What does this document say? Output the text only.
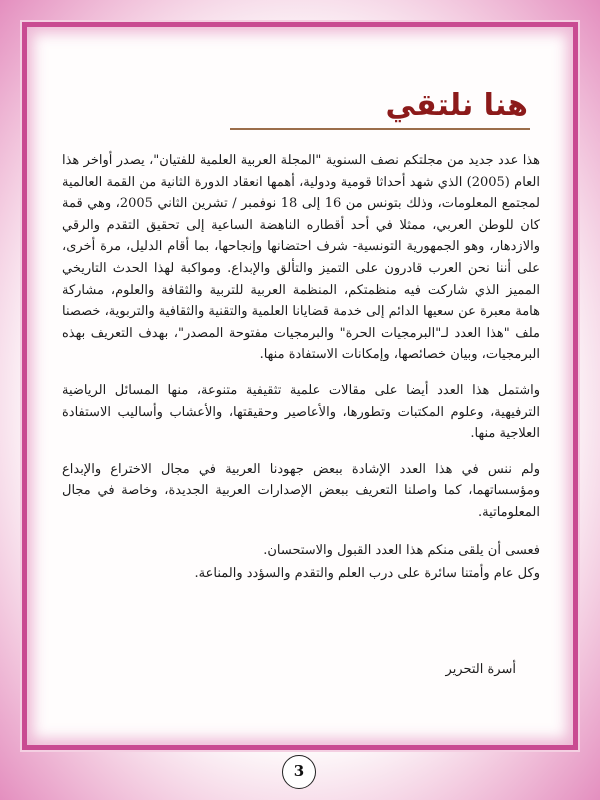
هنا نلتقي

هذا عدد جديد من مجلتكم نصف السنوية "المجلة العربية العلمية للفتيان"، يصدر أواخر هذا العام (2005) الذي شهد أحداثا قومية ودولية، أهمها انعقاد الدورة الثانية من القمة العالمية لمجتمع المعلومات، وذلك بتونس من 16 إلى 18 نوفمبر / تشرين الثاني 2005، وهي قمة كان للوطن العربي، ممثلا في أحد أقطاره الناهضة الساعية إلى تحقيق التقدم والرقي والازدهار، وهو الجمهورية التونسية- شرف احتضانها وإنجاحها، بما أقام الدليل، مرة أخرى، على أننا نحن العرب قادرون على التميز والتألق والإبداع. ومواكبة لهذا الحدث التاريخي المميز الذي شاركت فيه منظمتكم، المنظمة العربية للتربية والثقافة والعلوم، مشاركة هامة معبرة عن سعيها الدائم إلى خدمة قضايانا العلمية والتقنية والثقافية والتربوية، خصصنا ملف "هذا العدد لـ"البرمجيات الحرة" والبرمجيات مفتوحة المصدر"، بهدف التعريف بهذه البرمجيات، وبيان خصائصها، وإمكانات الاستفادة منها.

واشتمل هذا العدد أيضا على مقالات علمية تثقيفية متنوعة، منها المسائل الرياضية الترفيهية، وعلوم المكتبات وتطورها، والأعاصير وحقيقتها، والأعشاب وأساليب الاستفادة العلاجية منها.

ولم ننس في هذا العدد الإشادة ببعض جهودنا العربية في مجال الاختراع والإبداع ومؤسساتهما، كما واصلنا التعريف ببعض الإصدارات العربية الجديدة، وخاصة في مجال المعلوماتية.

فعسى أن يلقى منكم هذا العدد القبول والاستحسان.

وكل عام وأمتنا سائرة على درب العلم والتقدم والسؤدد والمناعة.

أسرة التحرير
3
